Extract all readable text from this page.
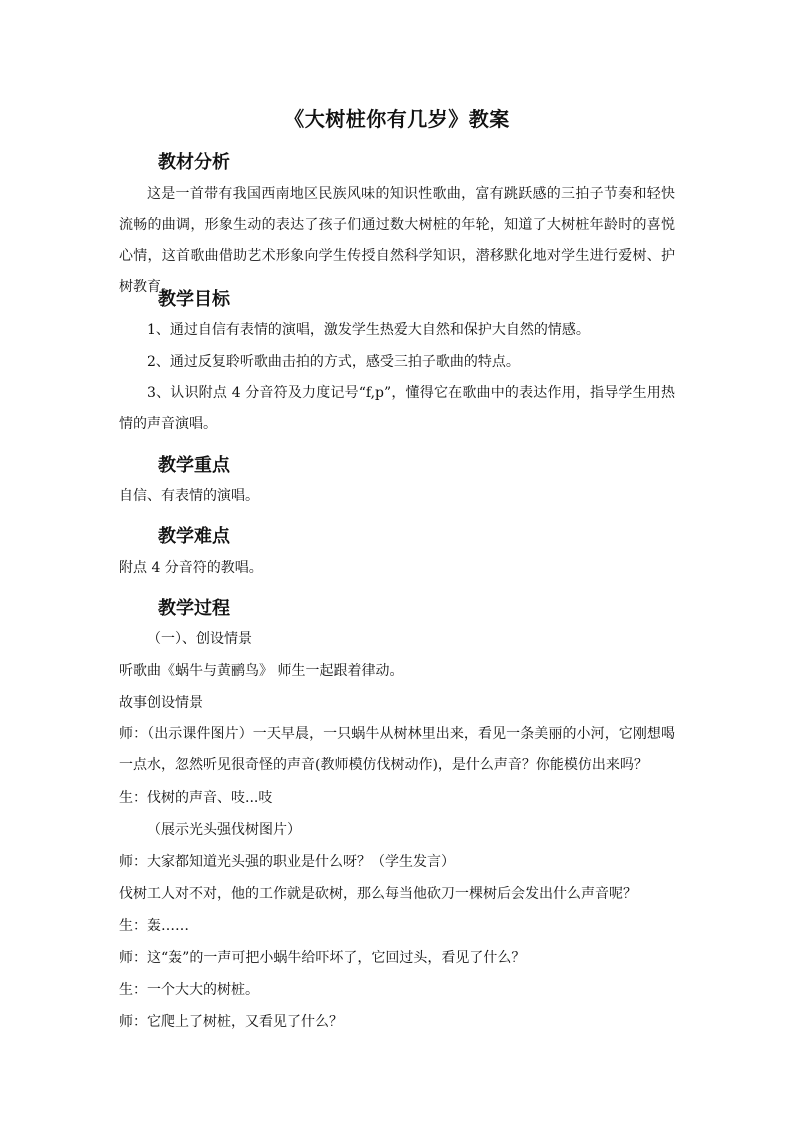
《大树桩你有几岁》教案
教材分析
这是一首带有我国西南地区民族风味的知识性歌曲，富有跳跃感的三拍子节奏和轻快流畅的曲调，形象生动的表达了孩子们通过数大树桩的年轮，知道了大树桩年龄时的喜悦心情，这首歌曲借助艺术形象向学生传授自然科学知识，潜移默化地对学生进行爱树、护树教育。
教学目标
1、通过自信有表情的演唱，激发学生热爱大自然和保护大自然的情感。
2、通过反复聆听歌曲击拍的方式，感受三拍子歌曲的特点。
3、认识附点 4 分音符及力度记号“f,p”，懂得它在歌曲中的表达作用，指导学生用热情的声音演唱。
教学重点
自信、有表情的演唱。
教学难点
附点 4 分音符的教唱。
教学过程
（一）、创设情景
听歌曲《蜗牛与黄鹂鸟》 师生一起跟着律动。
故事创设情景
师：（出示课件图片）一天早晨，一只蜗牛从树林里出来，看见一条美丽的小河，它刚想喝一点水，忽然听见很奇怪的声音(教师模仿伐树动作)，是什么声音？你能模仿出来吗？
生：伐树的声音、吱...吱
（展示光头强伐树图片）
师：大家都知道光头强的职业是什么呀？（学生发言）
伐树工人对不对，他的工作就是砍树，那么每当他砍刀一棵树后会发出什么声音呢？
生：轰……
师：这“轰”的一声可把小蜗牛给吓坏了，它回过头，看见了什么？
生：一个大大的树桩。
师：它爬上了树桩，又看见了什么？
